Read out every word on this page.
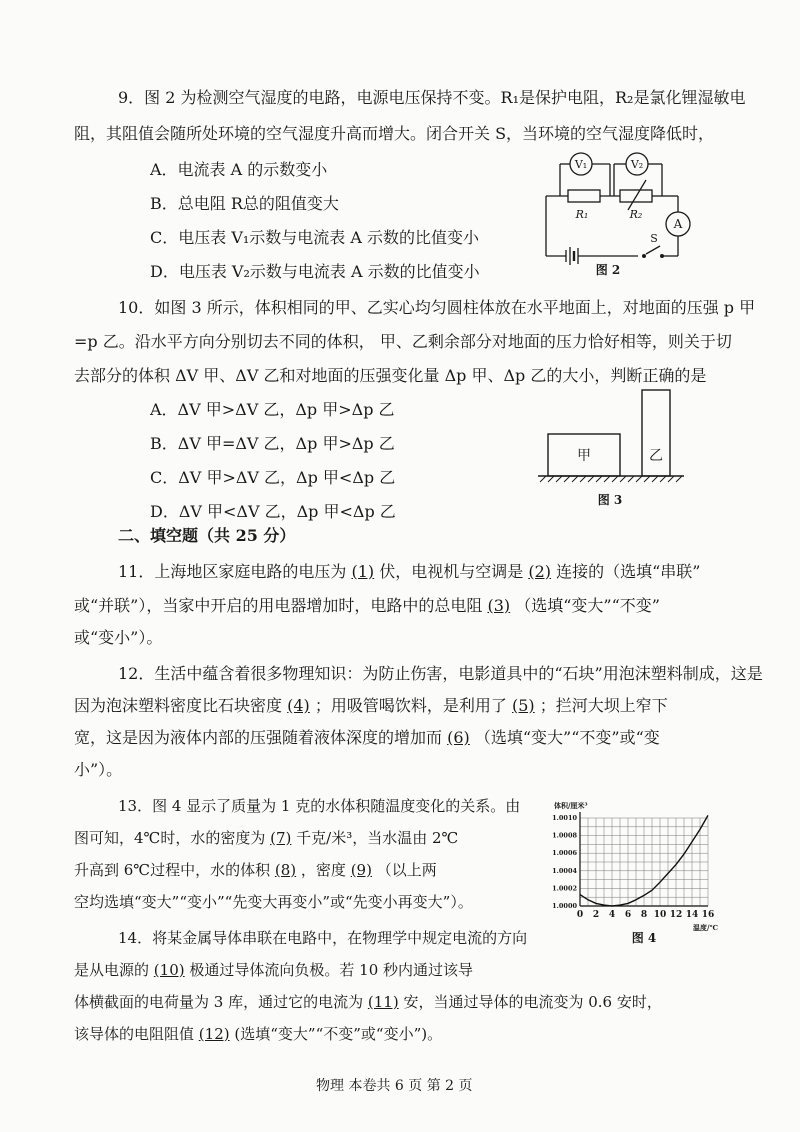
9．图 2 为检测空气湿度的电路，电源电压保持不变。R₁是保护电阻，R₂是氯化锂湿敏电
阻，其阻值会随所处环境的空气湿度升高而增大。闭合开关 S，当环境的空气湿度降低时，
A．电流表 A 的示数变小
B．总电阻 R总的阻值变大
C．电压表 V₁示数与电流表 A 示数的比值变小
D．电压表 V₂示数与电流表 A 示数的比值变小
V₁	V₂
R₁	R₂
A
S
图 2
10．如图 3 所示，体积相同的甲、乙实心均匀圆柱体放在水平地面上，对地面的压强 p 甲
=p 乙。沿水平方向分别切去不同的体积， 甲、乙剩余部分对地面的压力恰好相等，则关于切
去部分的体积 ΔV 甲、ΔV 乙和对地面的压强变化量 Δp 甲、Δp 乙的大小，判断正确的是
A．ΔV 甲>ΔV 乙，Δp 甲>Δp 乙
B．ΔV 甲=ΔV 乙，Δp 甲>Δp 乙
C．ΔV 甲>ΔV 乙，Δp 甲<Δp 乙
D．ΔV 甲<ΔV 乙，Δp 甲<Δp 乙
甲	乙
图 3
二、填空题（共 25 分）
11．上海地区家庭电路的电压为 (1) 伏，电视机与空调是 (2) 连接的（选填“串联”
或“并联”），当家中开启的用电器增加时，电路中的总电阻 (3) （选填“变大”“不变”
或“变小”）。
12．生活中蕴含着很多物理知识：为防止伤害，电影道具中的“石块”用泡沫塑料制成，这是
因为泡沫塑料密度比石块密度 (4) ；用吸管喝饮料，是利用了 (5) ；拦河大坝上窄下
宽，这是因为液体内部的压强随着液体深度的增加而 (6) （选填“变大”“不变”或“变
小”）。
13．图 4 显示了质量为 1 克的水体积随温度变化的关系。由
图可知，4℃时，水的密度为 (7) 千克/米³，当水温由 2℃
升高到 6℃过程中，水的体积 (8) ，密度 (9) （以上两
空均选填“变大”“变小”“先变大再变小”或“先变小再变大”）。	1.0000
1.0002
1.0004
1.0006
1.0008
1.0010
0 2 4 6 8 10 12 14 16
体积/厘米³
温度/℃
图 4
14．将某金属导体串联在电路中，在物理学中规定电流的方向
是从电源的 (10) 极通过导体流向负极。若 10 秒内通过该导
体横截面的电荷量为 3 库，通过它的电流为 (11) 安，当通过导体的电流变为 0.6 安时，
该导体的电阻阻值 (12) (选填“变大”“不变”或“变小”)。
物理 本卷共 6 页 第 2 页
